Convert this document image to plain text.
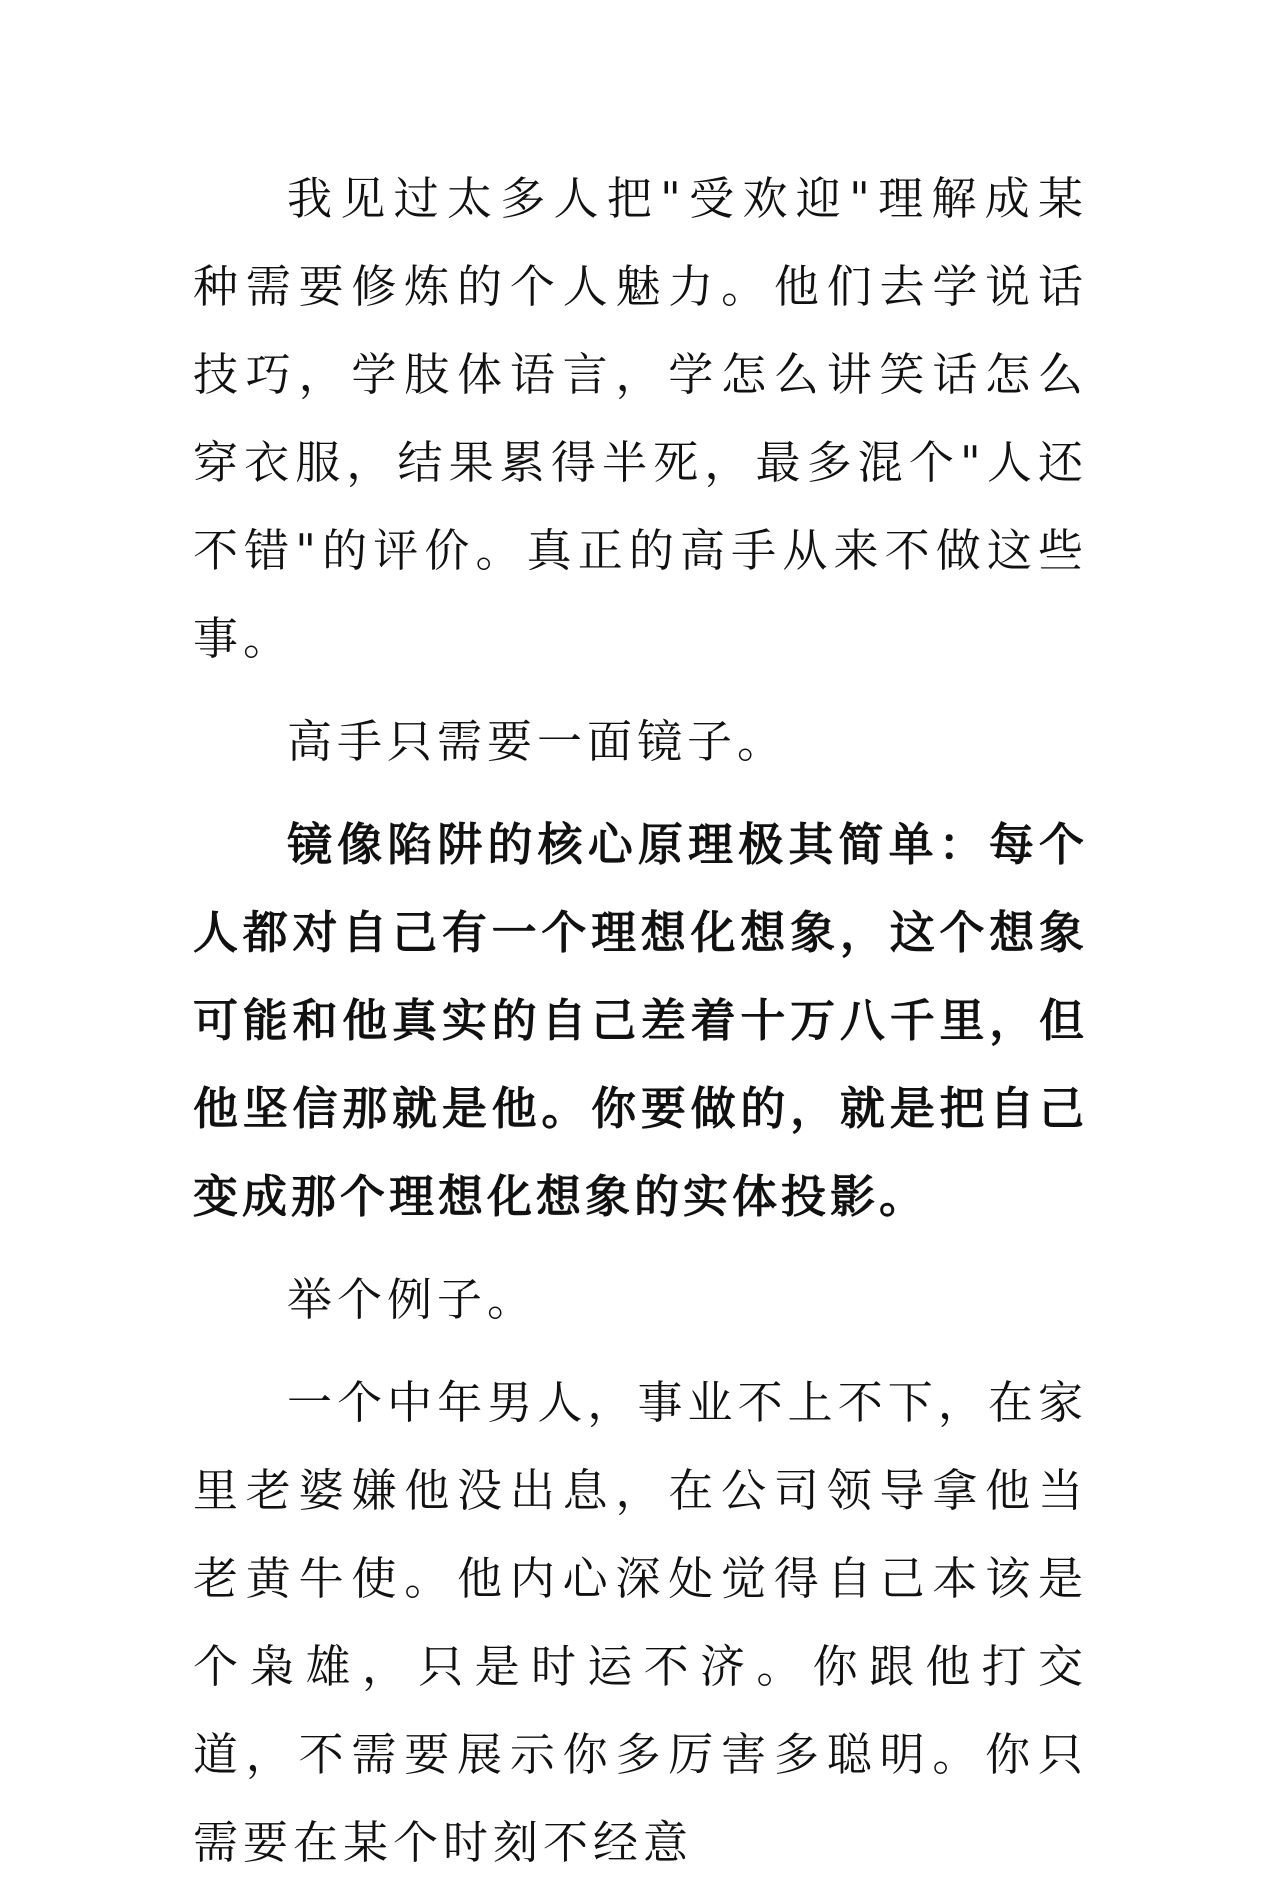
我见过太多人把"受欢迎"理解成某种需要修炼的个人魅力。他们去学说话技巧，学肢体语言，学怎么讲笑话怎么穿衣服，结果累得半死，最多混个"人还不错"的评价。真正的高手从来不做这些事。

高手只需要一面镜子。

镜像陷阱的核心原理极其简单：每个人都对自己有一个理想化想象，这个想象可能和他真实的自己差着十万八千里，但他坚信那就是他。你要做的，就是把自己变成那个理想化想象的实体投影。

举个例子。

一个中年男人，事业不上不下，在家里老婆嫌他没出息，在公司领导拿他当老黄牛使。他内心深处觉得自己本该是个枭雄，只是时运不济。你跟他打交道，不需要展示你多厉害多聪明。你只需要在某个时刻不经意
